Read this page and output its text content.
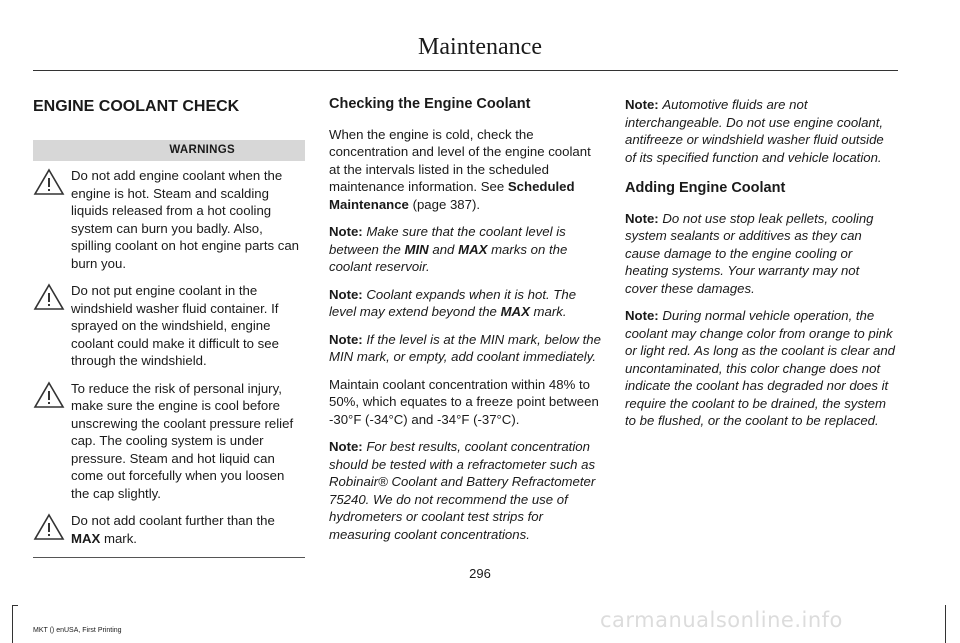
Maintenance
ENGINE COOLANT CHECK
WARNINGS

Do not add engine coolant when the engine is hot. Steam and scalding liquids released from a hot cooling system can burn you badly. Also, spilling coolant on hot engine parts can burn you.

Do not put engine coolant in the windshield washer fluid container. If sprayed on the windshield, engine coolant could make it difficult to see through the windshield.

To reduce the risk of personal injury, make sure the engine is cool before unscrewing the coolant pressure relief cap. The cooling system is under pressure. Steam and hot liquid can come out forcefully when you loosen the cap slightly.

Do not add coolant further than the MAX mark.

Checking the Engine Coolant

When the engine is cold, check the concentration and level of the engine coolant at the intervals listed in the scheduled maintenance information. See Scheduled Maintenance (page 387).

Note: Make sure that the coolant level is between the MIN and MAX marks on the coolant reservoir.

Note: Coolant expands when it is hot. The level may extend beyond the MAX mark.

Note: If the level is at the MIN mark, below the MIN mark, or empty, add coolant immediately.

Maintain coolant concentration within 48% to 50%, which equates to a freeze point between -30°F (-34°C) and -34°F (-37°C).

Note: For best results, coolant concentration should be tested with a refractometer such as Robinair® Coolant and Battery Refractometer 75240. We do not recommend the use of hydrometers or coolant test strips for measuring coolant concentrations.

Note: Automotive fluids are not interchangeable. Do not use engine coolant, antifreeze or windshield washer fluid outside of its specified function and vehicle location.

Adding Engine Coolant

Note: Do not use stop leak pellets, cooling system sealants or additives as they can cause damage to the engine cooling or heating systems. Your warranty may not cover these damages.

Note: During normal vehicle operation, the coolant may change color from orange to pink or light red. As long as the coolant is clear and uncontaminated, this color change does not indicate the coolant has degraded nor does it require the coolant to be drained, the system to be flushed, or the coolant to be replaced.

296
MKT () enUSA, First Printing	carmanualsonline.info
